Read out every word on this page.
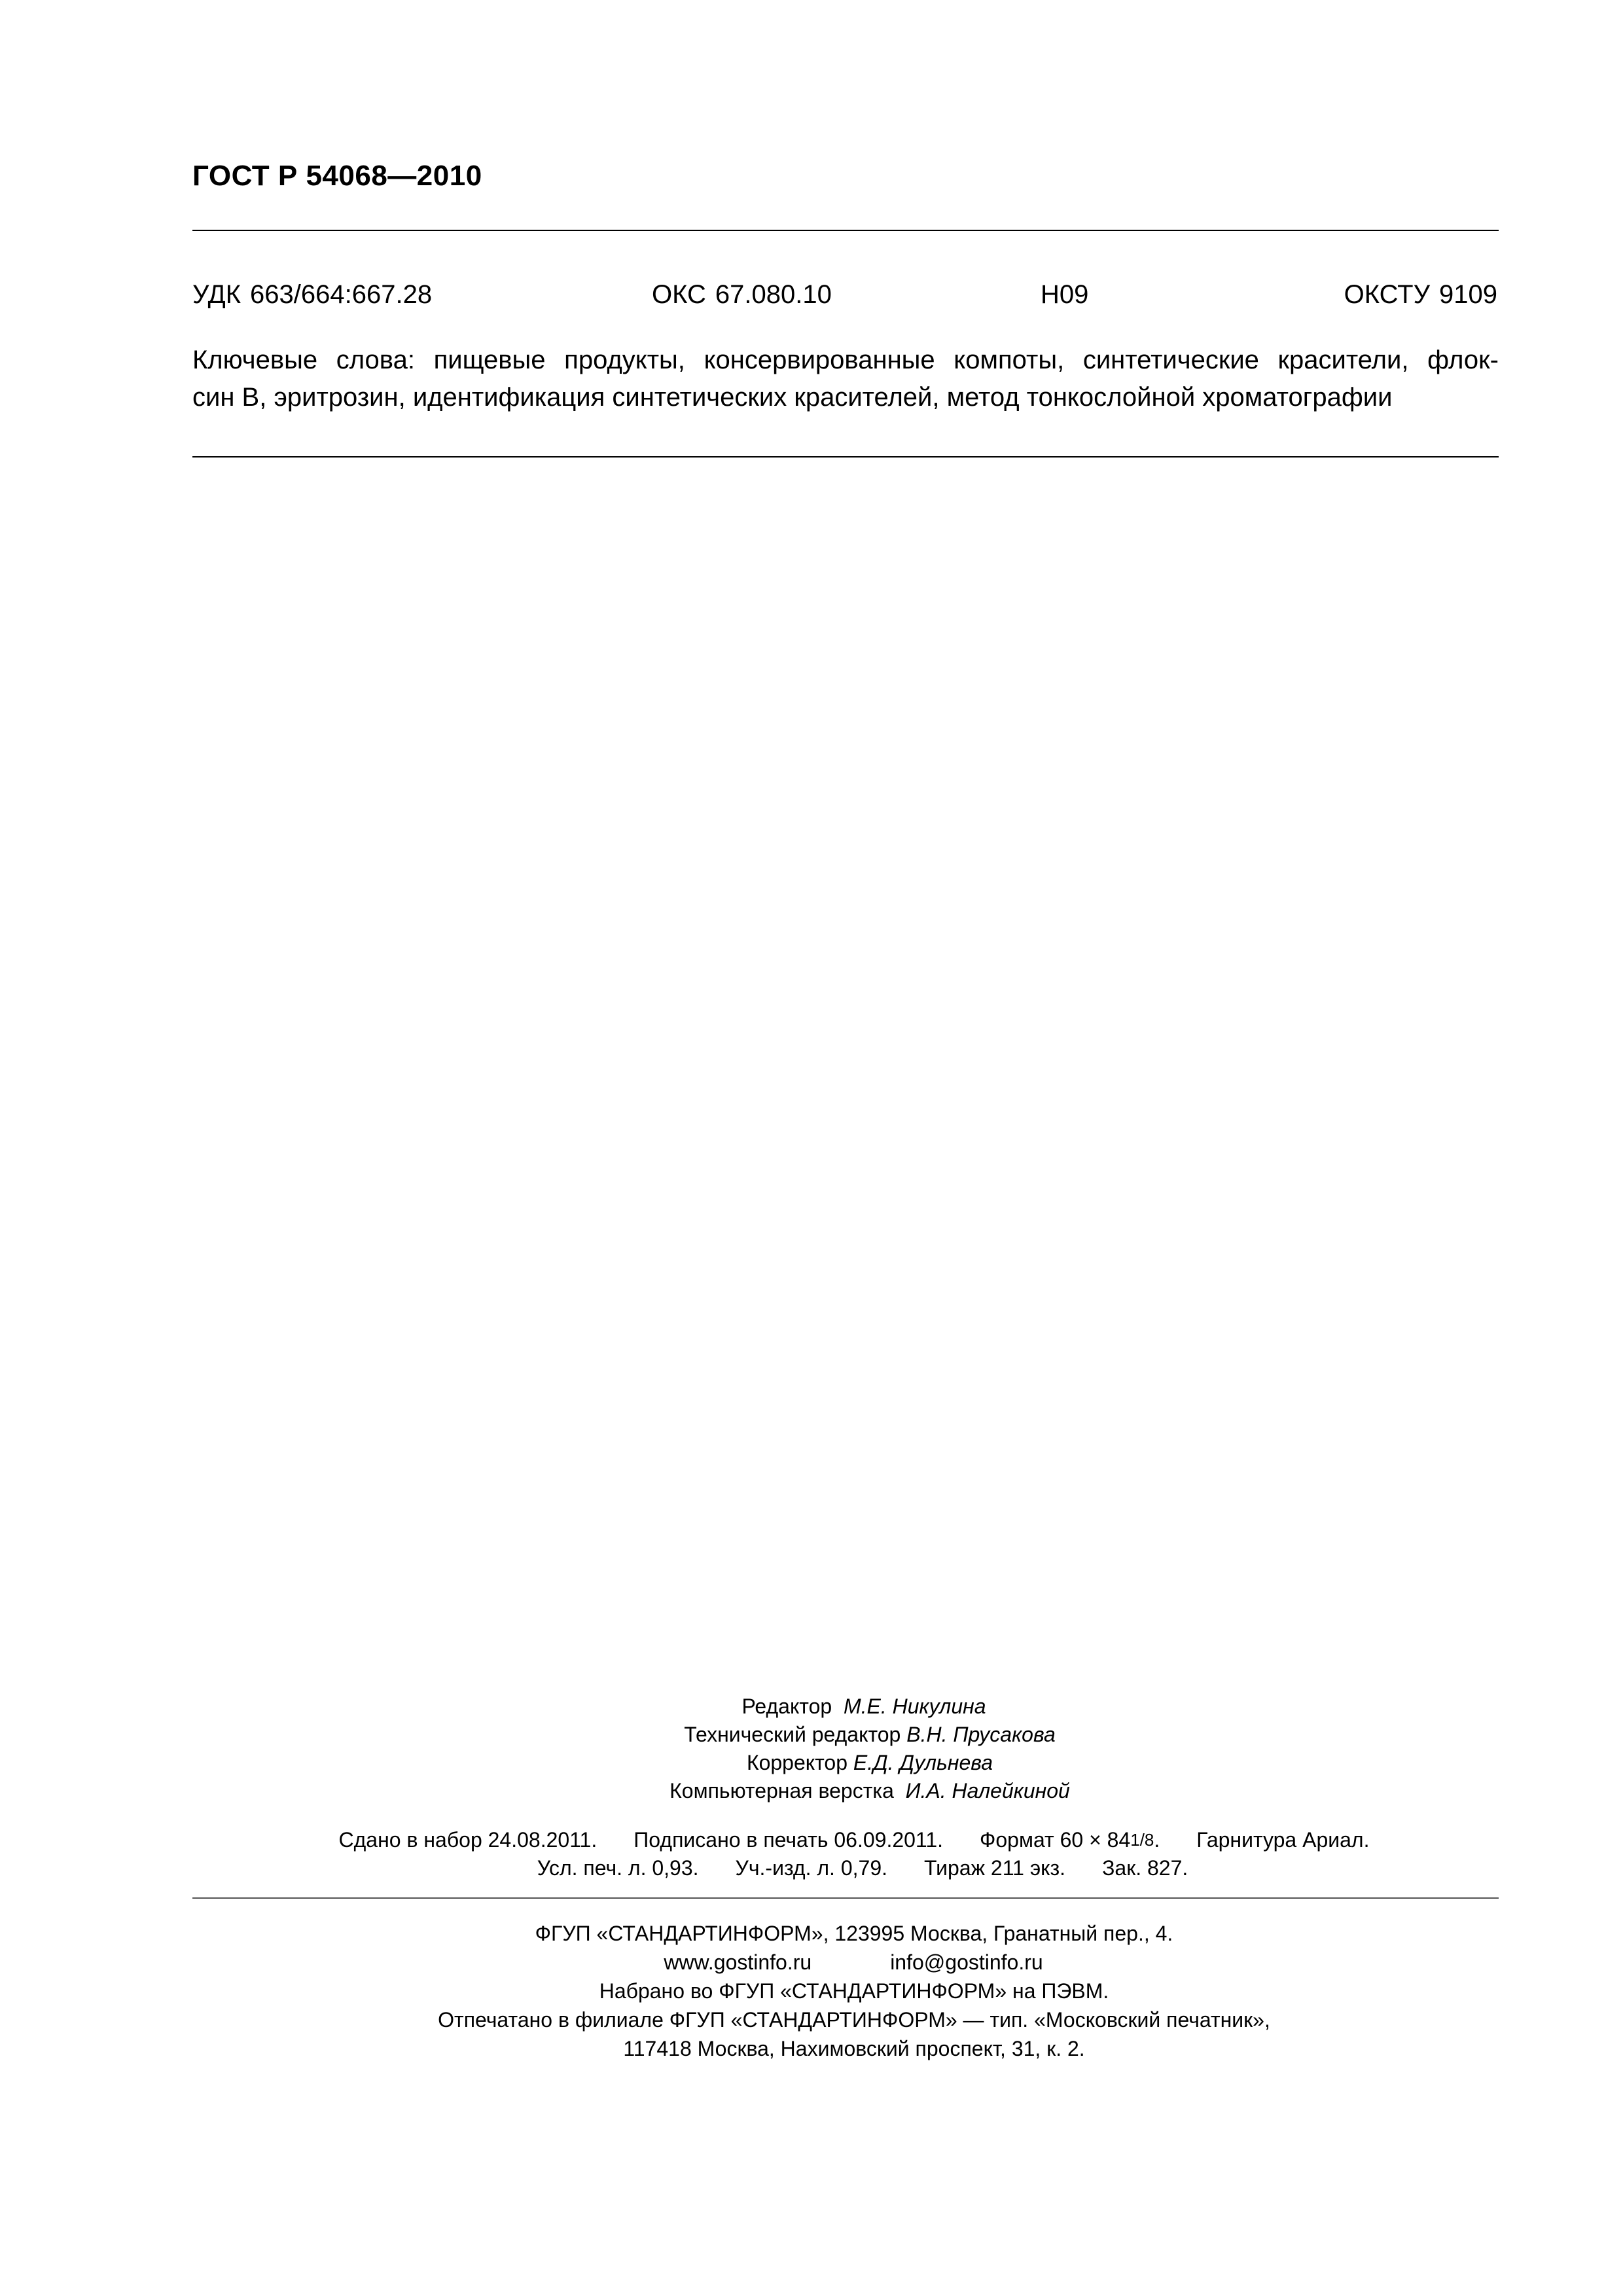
ГОСТ Р 54068—2010
УДК 663/664:667.28	ОКС 67.080.10	Н09	ОКСТУ 9109

Ключевые слова: пищевые продукты, консервированные компоты, синтетические красители, флок-

син В, эритрозин, идентификация синтетических красителей, метод тонкослойной хроматографии

Редактор М.Е. Никулина
Технический редактор В.Н. Прусакова
Корректор Е.Д. Дульнева
Компьютерная верстка И.А. Налейкиной
Сдано в набор 24.08.2011. Подписано в печать 06.09.2011. Формат 60 × 841/8. Гарнитура Ариал.
Усл. печ. л. 0,93. Уч.-изд. л. 0,79. Тираж 211 экз. Зак. 827.
ФГУП «СТАНДАРТИНФОРМ», 123995 Москва, Гранатный пер., 4.
www.gostinfo.ru	info@gostinfo.ru
Набрано во ФГУП «СТАНДАРТИНФОРМ» на ПЭВМ.
Отпечатано в филиале ФГУП «СТАНДАРТИНФОРМ» — тип. «Московский печатник»,
117418 Москва, Нахимовский проспект, 31, к. 2.
